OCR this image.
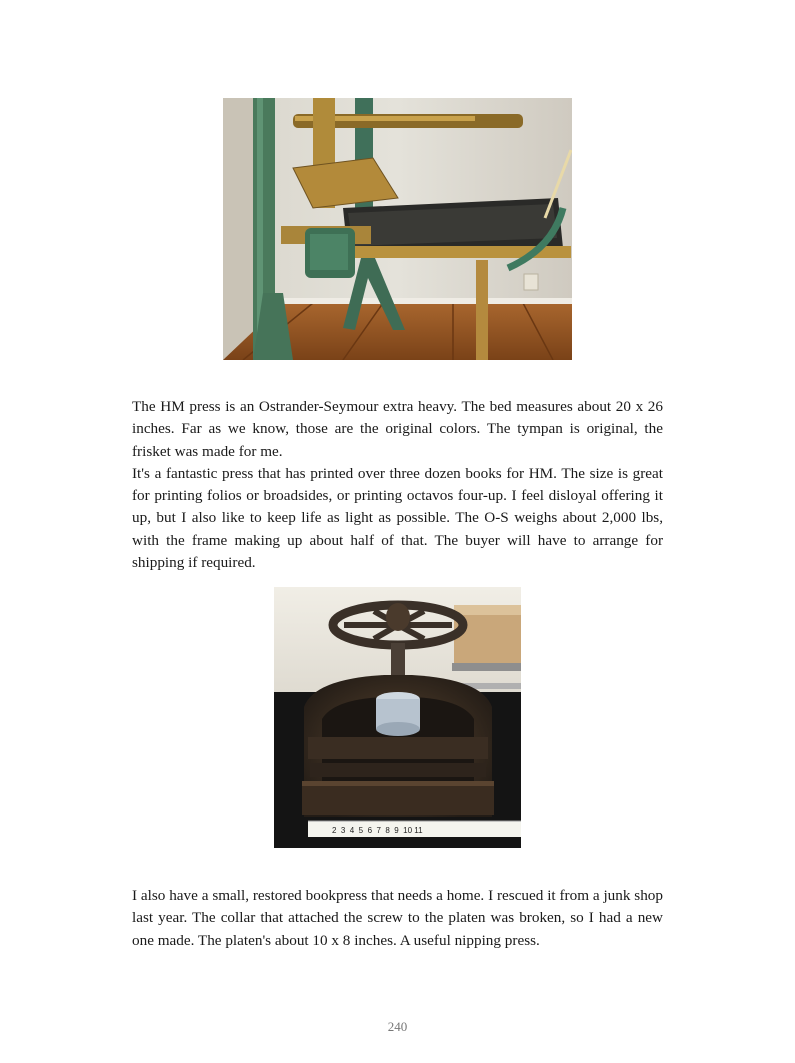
The HM press is an Ostrander-Seymour extra heavy. The bed measures about 20 x 26 inches. Far as we know, those are the original colors. The tympan is original, the frisket was made for me.

It's a fantastic press that has printed over three dozen books for HM. The size is great for printing folios or broadsides, or printing octavos four-up. I feel disloyal offering it up, but I also like to keep life as light as possible. The O-S weighs about 2,000 lbs, with the frame making up about half of that. The buyer will have to arrange for shipping if required.

2  3  4  5  6  7  8  9  10 11

I also have a small, restored bookpress that needs a home. I rescued it from a junk shop last year. The collar that attached the screw to the platen was broken, so I had a new one made. The platen's about 10 x 8 inches. A useful nipping press.

240
